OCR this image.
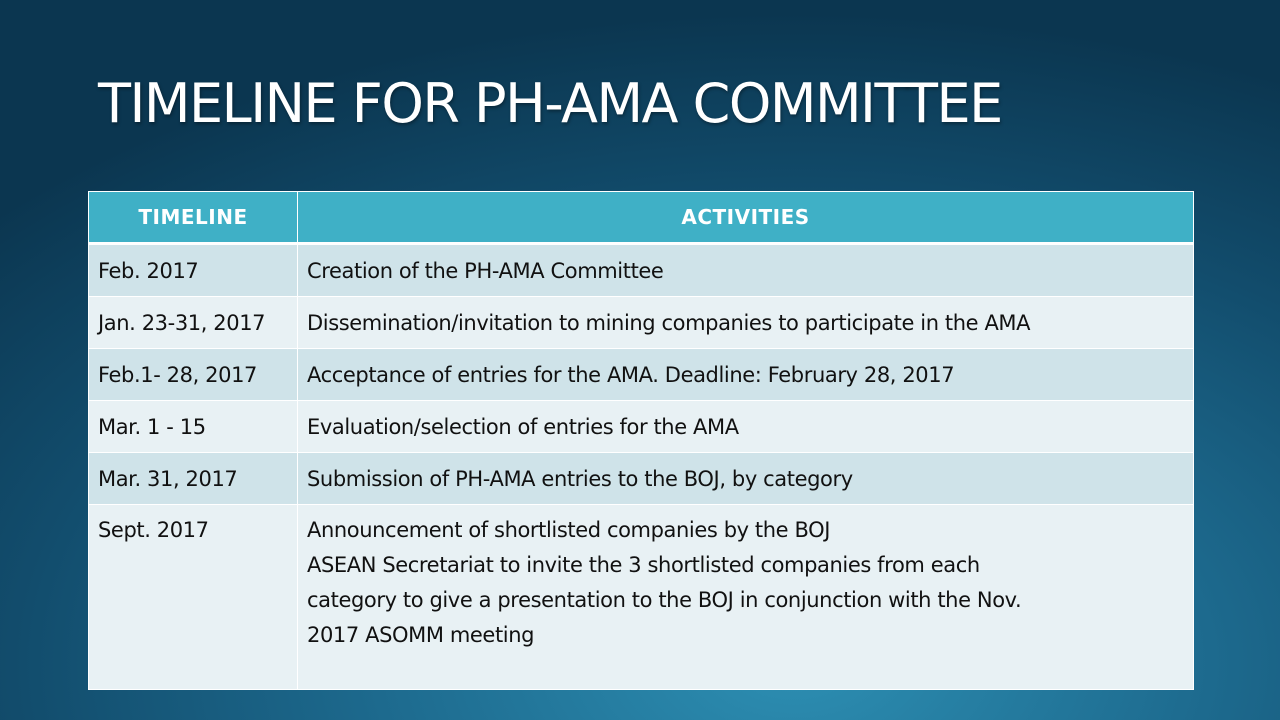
TIMELINE FOR PH-AMA COMMITTEE
TIMELINE	ACTIVITIES
Feb. 2017	Creation of the PH-AMA Committee
Jan. 23-31, 2017	Dissemination/invitation to mining companies to participate in the AMA
Feb.1- 28, 2017	Acceptance of entries for the AMA. Deadline: February 28, 2017
Mar. 1 - 15	Evaluation/selection of entries for the AMA
Mar. 31, 2017	Submission of PH-AMA entries to the BOJ, by category

Sept. 2017	Announcement of shortlisted companies by the BOJ
ASEAN Secretariat to invite the 3 shortlisted companies from each
category to give a presentation to the BOJ in conjunction with the Nov.
2017 ASOMM meeting
